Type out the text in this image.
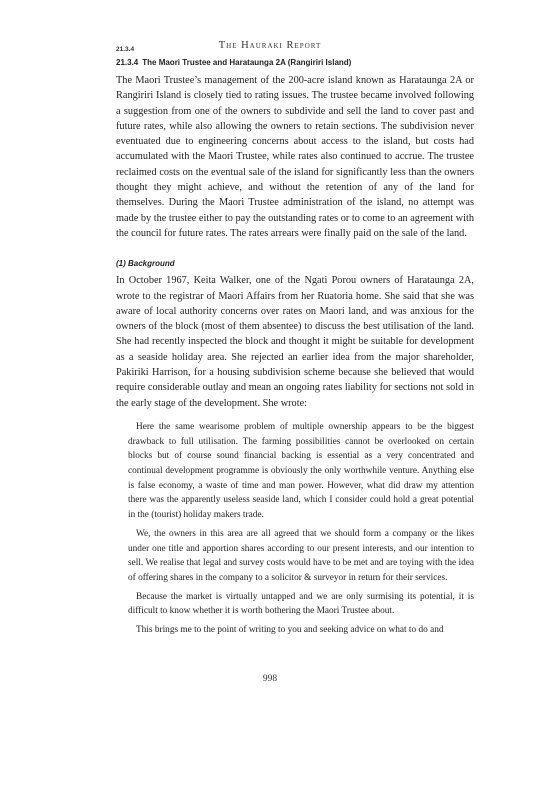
The Hauraki Report
21.3.4
21.3.4 The Maori Trustee and Harataunga 2A (Rangiriri Island)

The Maori Trustee’s management of the 200-acre island known as Harataunga 2A or Rangiriri Island is closely tied to rating issues. The trustee became involved following a suggestion from one of the owners to subdivide and sell the land to cover past and future rates, while also allowing the owners to retain sections. The subdivision never eventuated due to engineering concerns about access to the island, but costs had accumulated with the Maori Trustee, while rates also continued to accrue. The trustee reclaimed costs on the eventual sale of the island for significantly less than the owners thought they might achieve, and without the retention of any of the land for themselves. During the Maori Trustee administration of the island, no attempt was made by the trustee either to pay the outstanding rates or to come to an agreement with the council for future rates. The rates arrears were finally paid on the sale of the land.

(1) Background

In October 1967, Keita Walker, one of the Ngati Porou owners of Harataunga 2A, wrote to the registrar of Maori Affairs from her Ruatoria home. She said that she was aware of local authority concerns over rates on Maori land, and was anxious for the owners of the block (most of them absentee) to discuss the best utilisation of the land. She had recently inspected the block and thought it might be suitable for development as a seaside holiday area. She rejected an earlier idea from the major shareholder, Pakiriki Harrison, for a housing subdivision scheme because she believed that would require considerable outlay and mean an ongoing rates liability for sections not sold in the early stage of the development. She wrote:

Here the same wearisome problem of multiple ownership appears to be the biggest drawback to full utilisation. The farming possibilities cannot be overlooked on certain blocks but of course sound financial backing is essential as a very concentrated and continual development programme is obviously the only worthwhile venture. Anything else is false economy, a waste of time and man power. However, what did draw my attention there was the apparently useless seaside land, which I consider could hold a great potential in the (tourist) holiday makers trade.

We, the owners in this area are all agreed that we should form a company or the likes under one title and apportion shares according to our present interests, and our intention to sell. We realise that legal and survey costs would have to be met and are toying with the idea of offering shares in the company to a solicitor & surveyor in return for their services.

Because the market is virtually untapped and we are only surmising its potential, it is difficult to know whether it is worth bothering the Maori Trustee about.

This brings me to the point of writing to you and seeking advice on what to do and

998
